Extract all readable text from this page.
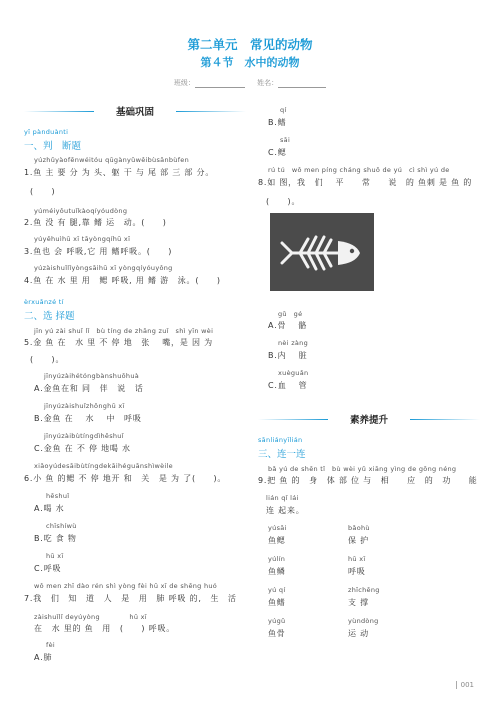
第二单元　常见的动物
第４节　水中的动物
班级：	姓名：
基础巩固
yī pànduànti
一、判　断题
yúzhǔyàofēnwéitóu qūgànyǔwěibùsānbùfen
1.鱼 主 要 分 为 头、躯 干 与 尾 部 三 部 分。
(　　)
yúméiyǒutuǐkàoqíyóudòng
2.鱼 没 有 腿,靠 鳍 运　动。(　　)
yúyěhuìhū xī tāyòngqíhū xī
3.鱼也 会 呼吸,它 用 鳍呼吸。(　　)
yúzàishuǐlǐyòngsāihū xī yòngqíyóuyǒng
4.鱼 在 水 里 用　鳃 呼吸, 用 鳍 游　泳。(　　)
èrxuǎnzé tí
二、选 择题
jīn yú zài shuǐ lǐ　bù tíng de zhāng zuǐ　shì yīn wèi
5.金 鱼 在　水 里 不 停 地　张　 嘴，是 因 为
(　　)。
jīnyúzàihétóngbànshuōhuà
A.金鱼在和 同　伴　说　话
jīnyúzàishuǐzhōnghū xī
B.金鱼 在　 水　 中　呼吸
jīnyúzàibùtíngdìhēshuǐ
C.金鱼 在 不 停 地喝 水
xiǎoyúdesāibùtíngdekāihéguānshìwèile
6.小 鱼 的鳃 不 停 地开 和　关　是 为 了(　　)。
hēshuǐ
A.喝 水
chīshíwù
B.吃 食 物
hū xī
C.呼吸
wǒ men zhī dào rén shì yòng fèi hū xī de shēng huó
7.我　们　知　道　人　是　用　肺 呼吸 的,　生　活
zàishuǐlǐ deyúyòng　　　　 hū xī
在　水 里的 鱼　用　(　　) 呼吸。
fèi
A.肺
qí
B.鳍
sāi
C.鳃
rú tú　wǒ men píng cháng shuō de yú　cì shì yú de
8.如 图，我　们　 平　　常　　说　的 鱼刺 是 鱼 的
(　　)。
gǔ　gé
A.骨　 骼
nèi zàng
B.内　 脏
xuèguǎn
C.血　 管
素养提升
sānliányīlián
三、连一连
bǎ yú de shēn tǐ　bù wèi yǔ xiāng yìng de gōng néng
9.把 鱼 的　身　体 部 位 与　相　　应　的　功　　能
lián qǐ lái
连 起来。
yúsāi
鱼鳃
bǎohù
保 护
yúlín
鱼鳞
hū xī
呼吸
yú qí
鱼鳍
zhīchēng
支 撑
yúgǔ
鱼骨
yùndòng
运 动
001
